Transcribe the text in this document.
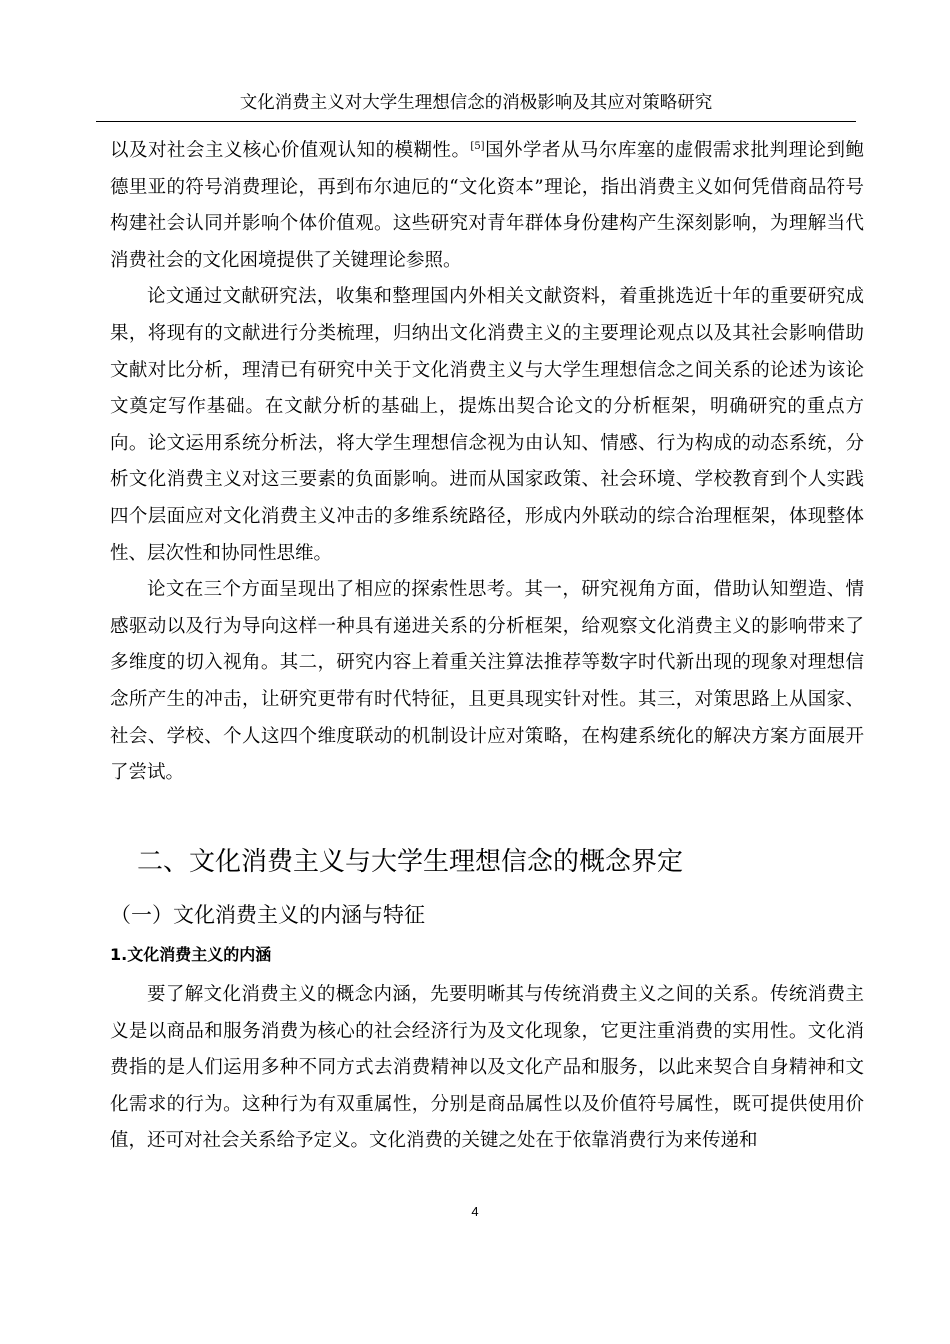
文化消费主义对大学生理想信念的消极影响及其应对策略研究

以及对社会主义核心价值观认知的模糊性。[5]国外学者从马尔库塞的虚假需求批判理论到鲍德里亚的符号消费理论，再到布尔迪厄的“文化资本”理论，指出消费主义如何凭借商品符号构建社会认同并影响个体价值观。这些研究对青年群体身份建构产生深刻影响，为理解当代消费社会的文化困境提供了关键理论参照。

论文通过文献研究法，收集和整理国内外相关文献资料，着重挑选近十年的重要研究成果，将现有的文献进行分类梳理，归纳出文化消费主义的主要理论观点以及其社会影响借助文献对比分析，理清已有研究中关于文化消费主义与大学生理想信念之间关系的论述为该论文奠定写作基础。在文献分析的基础上，提炼出契合论文的分析框架，明确研究的重点方向。论文运用系统分析法，将大学生理想信念视为由认知、情感、行为构成的动态系统，分析文化消费主义对这三要素的负面影响。进而从国家政策、社会环境、学校教育到个人实践四个层面应对文化消费主义冲击的多维系统路径，形成内外联动的综合治理框架，体现整体性、层次性和协同性思维。

论文在三个方面呈现出了相应的探索性思考。其一，研究视角方面，借助认知塑造、情感驱动以及行为导向这样一种具有递进关系的分析框架，给观察文化消费主义的影响带来了多维度的切入视角。其二，研究内容上着重关注算法推荐等数字时代新出现的现象对理想信念所产生的冲击，让研究更带有时代特征，且更具现实针对性。其三，对策思路上从国家、社会、学校、个人这四个维度联动的机制设计应对策略，在构建系统化的解决方案方面展开了尝试。

二、文化消费主义与大学生理想信念的概念界定
（一）文化消费主义的内涵与特征
1.文化消费主义的内涵

要了解文化消费主义的概念内涵，先要明晰其与传统消费主义之间的关系。传统消费主义是以商品和服务消费为核心的社会经济行为及文化现象，它更注重消费的实用性。文化消费指的是人们运用多种不同方式去消费精神以及文化产品和服务，以此来契合自身精神和文化需求的行为。这种行为有双重属性，分别是商品属性以及价值符号属性，既可提供使用价值，还可对社会关系给予定义。文化消费的关键之处在于依靠消费行为来传递和

4
